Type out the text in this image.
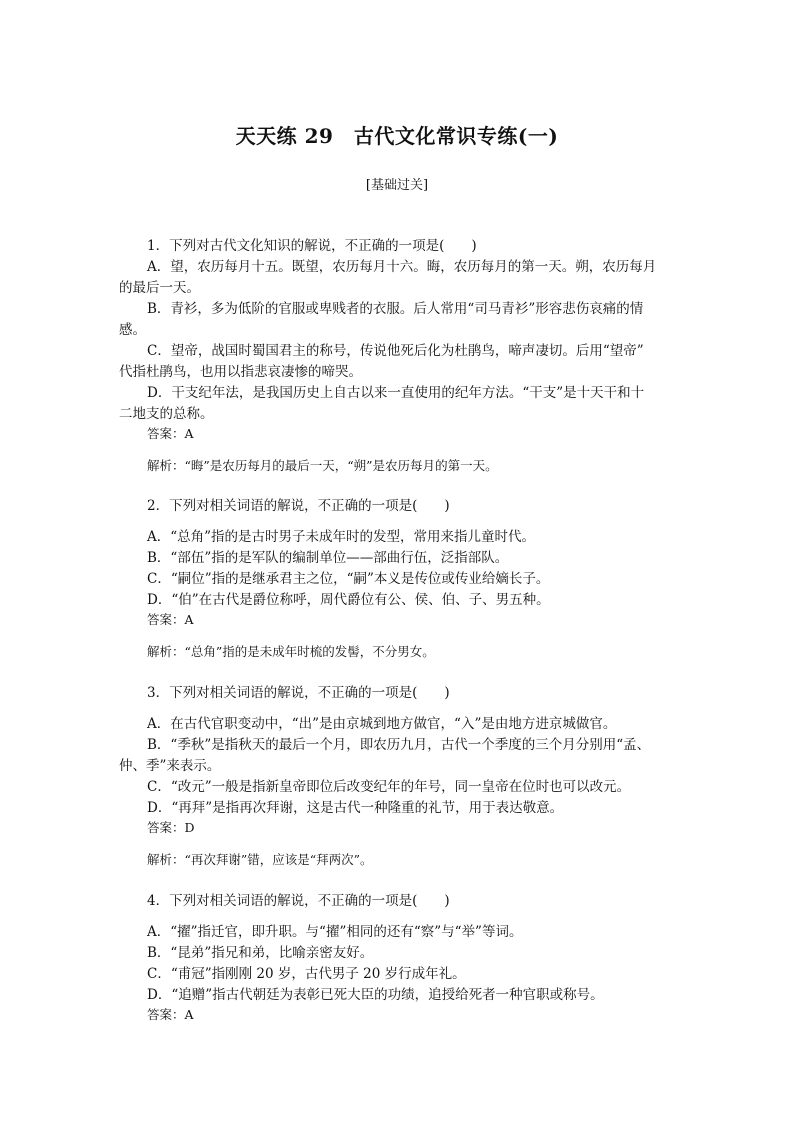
天天练 29　古代文化常识专练(一)
[基础过关]
1．下列对古代文化知识的解说，不正确的一项是(　　)
A．望，农历每月十五。既望，农历每月十六。晦，农历每月的第一天。朔，农历每月
的最后一天。
B．青衫，多为低阶的官服或卑贱者的衣服。后人常用“司马青衫”形容悲伤哀痛的情
感。
C．望帝，战国时蜀国君主的称号，传说他死后化为杜鹃鸟，啼声凄切。后用“望帝”
代指杜鹃鸟，也用以指悲哀凄惨的啼哭。
D．干支纪年法，是我国历史上自古以来一直使用的纪年方法。“干支”是十天干和十
二地支的总称。
答案：A
解析：“晦”是农历每月的最后一天，“朔”是农历每月的第一天。
2．下列对相关词语的解说，不正确的一项是(　　)
A．“总角”指的是古时男子未成年时的发型，常用来指儿童时代。
B．“部伍”指的是军队的编制单位——部曲行伍，泛指部队。
C．“嗣位”指的是继承君主之位，“嗣”本义是传位或传业给嫡长子。
D．“伯”在古代是爵位称呼，周代爵位有公、侯、伯、子、男五种。
答案：A
解析：“总角”指的是未成年时梳的发髻，不分男女。
3．下列对相关词语的解说，不正确的一项是(　　)
A．在古代官职变动中，“出”是由京城到地方做官，“入”是由地方进京城做官。
B．“季秋”是指秋天的最后一个月，即农历九月，古代一个季度的三个月分别用“孟、
仲、季”来表示。
C．“改元”一般是指新皇帝即位后改变纪年的年号，同一皇帝在位时也可以改元。
D．“再拜”是指再次拜谢，这是古代一种隆重的礼节，用于表达敬意。
答案：D
解析：“再次拜谢”错，应该是“拜两次”。
4．下列对相关词语的解说，不正确的一项是(　　)
A．“擢”指迁官，即升职。与“擢”相同的还有“察”与“举”等词。
B．“昆弟”指兄和弟，比喻亲密友好。
C．“甫冠”指刚刚 20 岁，古代男子 20 岁行成年礼。
D．“追赠”指古代朝廷为表彰已死大臣的功绩，追授给死者一种官职或称号。
答案：A
